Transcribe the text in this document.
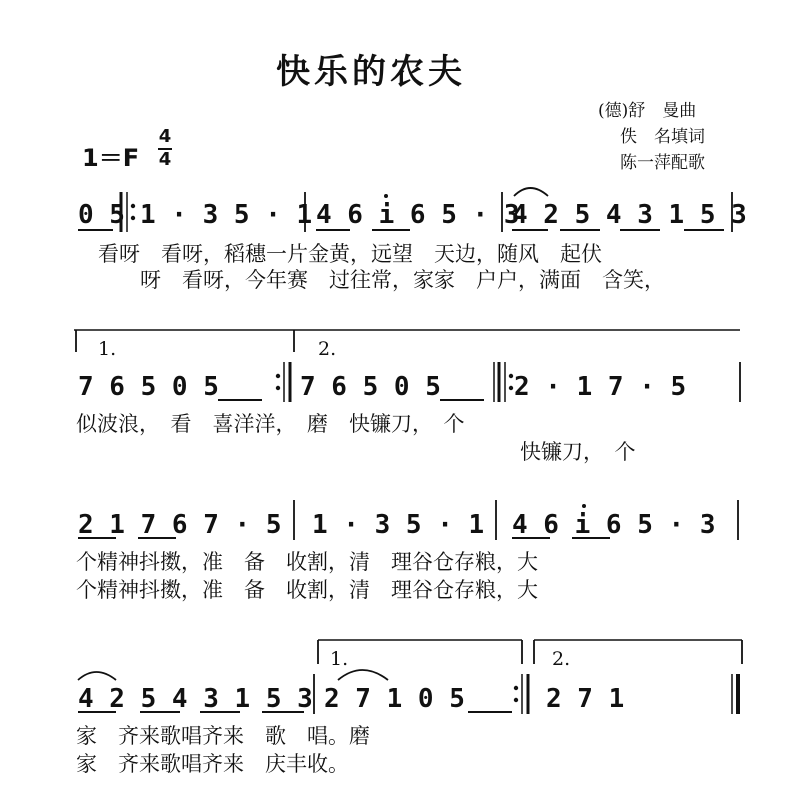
快乐的农夫
(德)舒　曼曲
佚　名填词
陈一萍配歌
1＝F
4
4
0 5 1 · 3 5 · 1 4 6 i 6 5 · 3
4 2 5 4 3 1 5 3
看呀　看呀，稻穗一片金黄，远望　天边，随风　起伏
呀　看呀，今年赛　过往常，家家　户户，满面　含笑，
1.	2.
7 6 5 0 5	7 6 5 0 5	2 · 1 7 · 5
似波浪，　看　喜洋洋，　磨　快镰刀，　个
快镰刀，　个
2 1 7 6 7 · 5 1 · 3 5 · 1 4 6 i 6 5 · 3
个精神抖擞，准　备　收割，清　理谷仓存粮，大
个精神抖擞，准　备　收割，清　理谷仓存粮，大
1.	2.
4 2 5 4 3 1 5 3 2 7 1 0 5	2 7 1
家　齐来歌唱齐来　歌　唱。磨
家　齐来歌唱齐来　庆丰收。
